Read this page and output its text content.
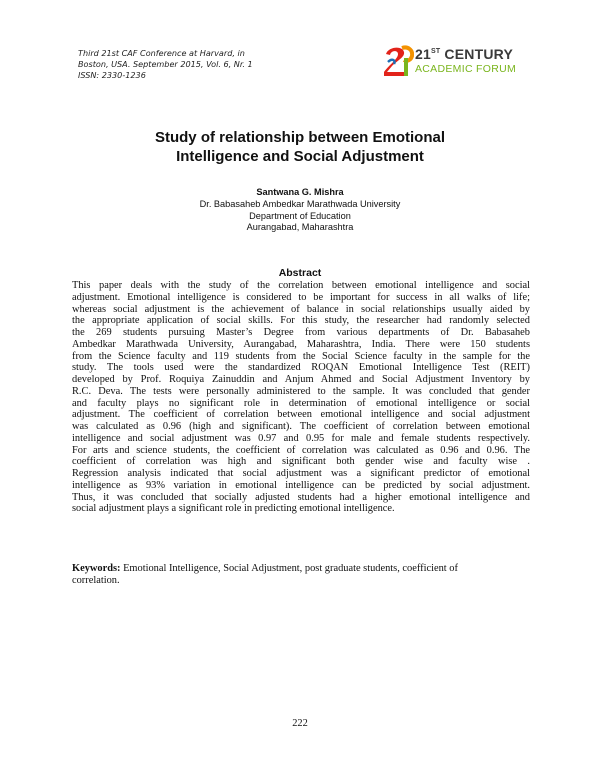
Third 21st CAF Conference at Harvard, in
Boston, USA. September 2015, Vol. 6, Nr. 1
ISSN: 2330-1236
21ST CENTURY
ACADEMIC FORUM
Study of relationship between Emotional
Intelligence and Social Adjustment
Santwana G. Mishra
Dr. Babasaheb Ambedkar Marathwada University
Department of Education
Aurangabad, Maharashtra
Abstract
This paper deals with the study of the correlation between emotional intelligence and social
adjustment. Emotional intelligence is considered to be important for success in all walks of life;
whereas social adjustment is the achievement of balance in social relationships usually aided by
the appropriate application of social skills. For this study, the researcher had randomly selected
the 269 students pursuing Master’s Degree from various departments of Dr. Babasaheb
Ambedkar Marathwada University, Aurangabad, Maharashtra, India. There were 150 students
from the Science faculty and 119 students from the Social Science faculty in the sample for the
study. The tools used were the standardized ROQAN Emotional Intelligence Test (REIT)
developed by Prof. Roquiya Zainuddin and Anjum Ahmed and Social Adjustment Inventory by
R.C. Deva. The tests were personally administered to the sample. It was concluded that gender
and faculty plays no significant role in determination of emotional intelligence or social
adjustment. The coefficient of correlation between emotional intelligence and social adjustment
was calculated as 0.96 (high and significant). The coefficient of correlation between emotional
intelligence and social adjustment was 0.97 and 0.95 for male and female students respectively.
For arts and science students, the coefficient of correlation was calculated as 0.96 and 0.96. The
coefficient of correlation was high and significant both gender wise and faculty wise .
Regression analysis indicated that social adjustment was a significant predictor of emotional
intelligence as 93% variation in emotional intelligence can be predicted by social adjustment.
Thus, it was concluded that socially adjusted students had a higher emotional intelligence and
social adjustment plays a significant role in predicting emotional intelligence.
Keywords: Emotional Intelligence, Social Adjustment, post graduate students, coefficient of
correlation.
222
